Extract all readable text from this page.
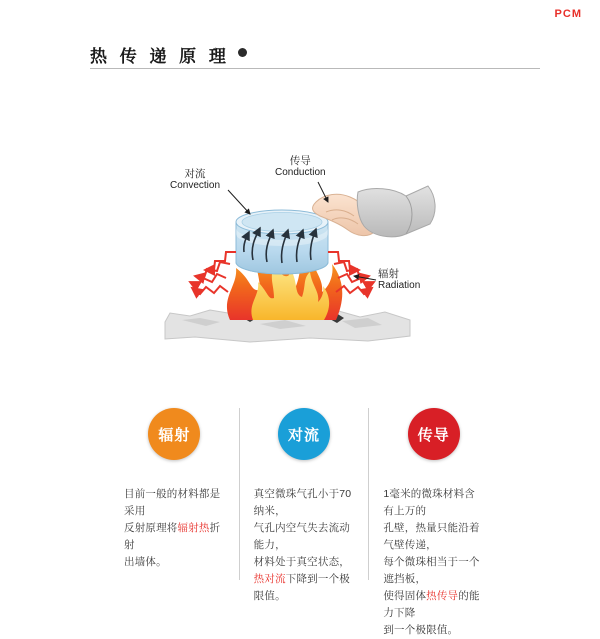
PCM
热 传 递 原 理
对流
Convection
传导
Conduction
辐射
Radiation
辐射
目前一般的材料都是采用
反射原理将辐射热折射
出墙体。
对流
真空微珠气孔小于70纳米，
气孔内空气失去流动能力，
材料处于真空状态，
热对流下降到一个极限值。
传导
1毫米的微珠材料含有上万的
孔壁，热量只能沿着气壁传递，
每个微珠相当于一个遮挡板，
使得固体热传导的能力下降
到一个极限值。
